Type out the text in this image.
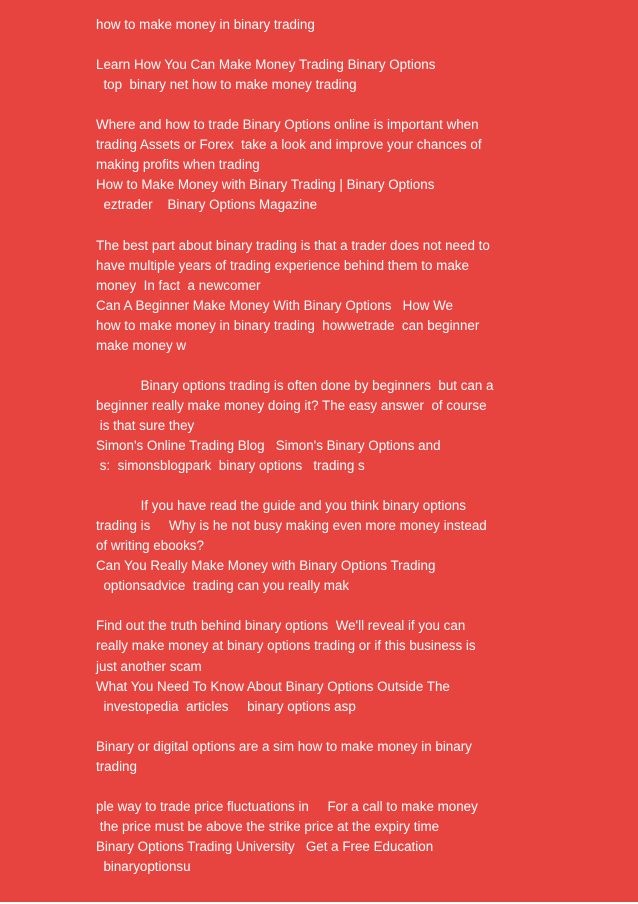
how to make money in binary trading
Learn How You Can Make Money Trading Binary Options
top  binary net how to make money trading
Where and how to trade Binary Options online is important when
trading Assets or Forex  take a look and improve your chances of
making profits when trading
How to Make Money with Binary Trading | Binary Options
eztrader    Binary Options Magazine
The best part about binary trading is that a trader does not need to
have multiple years of trading experience behind them to make
money  In fact  a newcomer
Can A Beginner Make Money With Binary Options   How We
how to make money in binary trading  howwetrade  can beginner
make money w
Binary options trading is often done by beginners  but can a
beginner really make money doing it? The easy answer  of course
is that sure they
Simon's Online Trading Blog   Simon's Binary Options and
s:  simonsblogpark  binary options   trading s
If you have read the guide and you think binary options
trading is     Why is he not busy making even more money instead
of writing ebooks?
Can You Really Make Money with Binary Options Trading
optionsadvice  trading can you really mak
Find out the truth behind binary options  We'll reveal if you can
really make money at binary options trading or if this business is
just another scam
What You Need To Know About Binary Options Outside The
investopedia  articles     binary options asp
Binary or digital options are a sim how to make money in binary
trading
ple way to trade price fluctuations in     For a call to make money
the price must be above the strike price at the expiry time
Binary Options Trading University   Get a Free Education
binaryoptionsu
